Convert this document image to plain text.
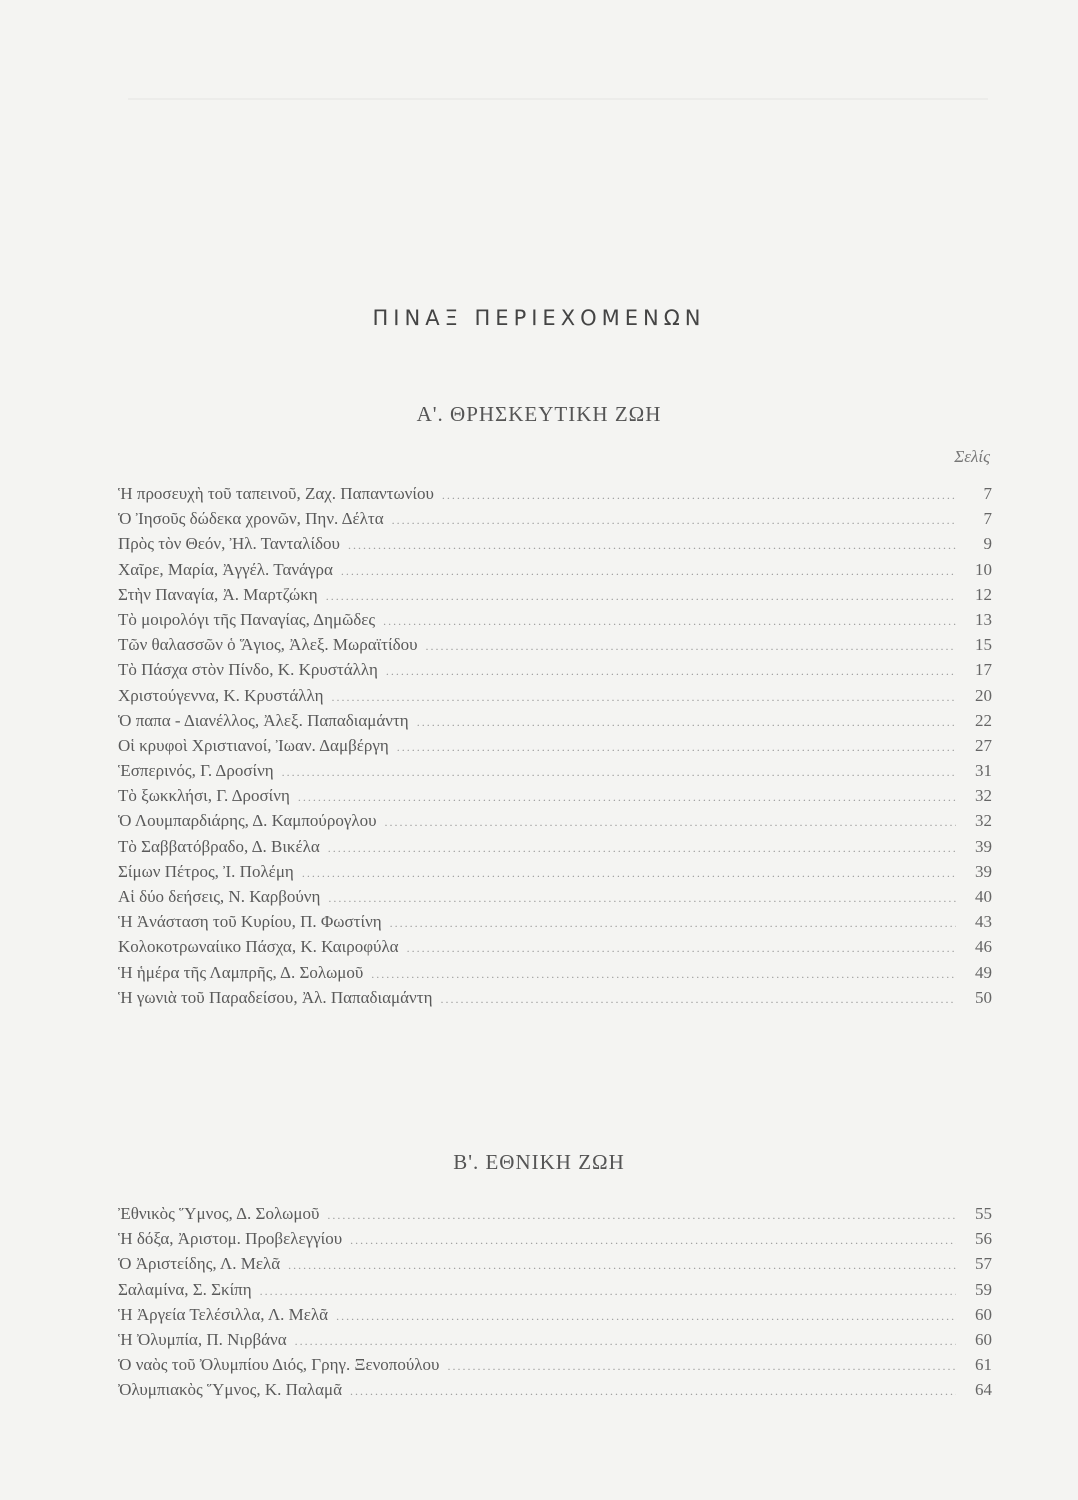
ΠΙΝΑΞ ΠΕΡΙΕΧΟΜΕΝΩΝ
Α'. ΘΡΗΣΚΕΥΤΙΚΗ ΖΩΗ
Σελίς
Ἡ προσευχὴ τοῦ ταπεινοῦ, Ζαχ. Παπαντωνίου .....	7
Ὁ Ἰησοῦς δώδεκα χρονῶν, Πην. Δέλτα .....	7
Πρὸς τὸν Θεόν, Ἠλ. Τανταλίδου .....	9
Χαῖρε, Μαρία, Ἀγγέλ. Τανάγρα .....	10
Στὴν Παναγία, Ἀ. Μαρτζώκη .....	12
Τὸ μοιρολόγι τῆς Παναγίας, Δημῶδες .....	13
Τῶν θαλασσῶν ὁ Ἅγιος, Ἀλεξ. Μωραϊτίδου .....	15
Τὸ Πάσχα στὸν Πίνδο, Κ. Κρυστάλλη .....	17
Χριστούγεννα, Κ. Κρυστάλλη .....	20
Ὁ παπα - Διανέλλος, Ἀλεξ. Παπαδιαμάντη .....	22
Οἱ κρυφοὶ Χριστιανοί, Ἰωαν. Δαμβέργη .....	27
Ἑσπερινός, Γ. Δροσίνη .....	31
Τὸ ξωκκλήσι, Γ. Δροσίνη .....	32
Ὁ Λουμπαρδιάρης, Δ. Καμπούρογλου .....	32
Τὸ Σαββατόβραδο, Δ. Βικέλα .....	39
Σίμων Πέτρος, Ἰ. Πολέμη .....	39
Αἱ δύο δεήσεις, Ν. Καρβούνη .....	40
Ἡ Ἀνάσταση τοῦ Κυρίου, Π. Φωστίνη .....	43
Κολοκοτρωναίικο Πάσχα, Κ. Καιροφύλα .....	46
Ἡ ἡμέρα τῆς Λαμπρῆς, Δ. Σολωμοῦ .....	49
Ἡ γωνιὰ τοῦ Παραδείσου, Ἀλ. Παπαδιαμάντη .....	50
Β'. ΕΘΝΙΚΗ ΖΩΗ
Ἐθνικὸς Ὕμνος, Δ. Σολωμοῦ .....	55
Ἡ δόξα, Ἀριστομ. Προβελεγγίου .....	56
Ὁ Ἀριστείδης, Λ. Μελᾶ .....	57
Σαλαμίνα, Σ. Σκίπη .....	59
Ἡ Ἀργεία Τελέσιλλα, Λ. Μελᾶ .....	60
Ἡ Ὀλυμπία, Π. Νιρβάνα .....	60
Ὁ ναὸς τοῦ Ὀλυμπίου Διός, Γρηγ. Ξενοπούλου .....	61
Ὀλυμπιακὸς Ὕμνος, Κ. Παλαμᾶ .....	64
